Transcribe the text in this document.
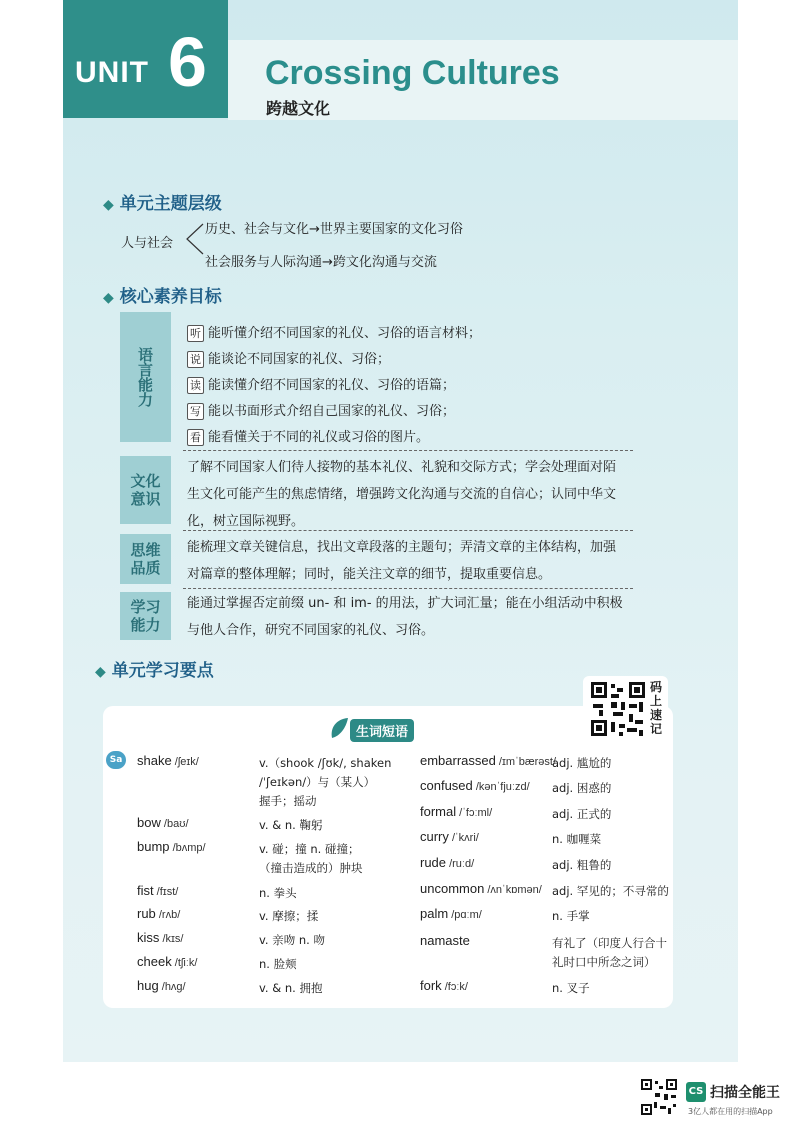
UNIT 6 Crossing Cultures
跨越文化
◆ 单元主题层级
人与社会
历史、社会与文化→世界主要国家的文化习俗
社会服务与人际沟通→跨文化沟通与交流
◆ 核心素养目标
语言能力
听 能听懂介绍不同国家的礼仪、习俗的语言材料；
说 能谈论不同国家的礼仪、习俗；
读 能读懂介绍不同国家的礼仪、习俗的语篇；
写 能以书面形式介绍自己国家的礼仪、习俗；
看 能看懂关于不同的礼仪或习俗的图片。
文化意识
了解不同国家人们待人接物的基本礼仪、礼貌和交际方式；学会处理面对陌
生文化可能产生的焦虑情绪，增强跨文化沟通与交流的自信心；认同中华文
化，树立国际视野。
思维品质
能梳理文章关键信息，找出文章段落的主题句；弄清文章的主体结构，加强
对篇章的整体理解；同时，能关注文章的细节，提取重要信息。
学习能力
能通过掌握否定前缀 un- 和 im- 的用法，扩大词汇量；能在小组活动中积极
与他人合作，研究不同国家的礼仪、习俗。
◆ 单元学习要点
码上速记
生词短语
Sa shake /ʃeɪk/	v.（shook /ʃʊk/, shaken
/ˈʃeɪkən/）与（某人）
握手；摇动
bow /baʊ/	v. & n. 鞠躬
bump /bʌmp/	v. 碰；撞 n. 碰撞；
（撞击造成的）肿块
fist /fɪst/	n. 拳头
rub /rʌb/	v. 摩擦；揉
kiss /kɪs/	v. 亲吻 n. 吻
cheek /tʃiːk/	n. 脸颊
hug /hʌg/	v. & n. 拥抱
embarrassed /ɪmˈbærəst/
adj. 尴尬的
confused /kənˈfjuːzd/ adj. 困惑的
formal /ˈfɔːml/	adj. 正式的
curry /ˈkʌri/	n. 咖喱菜
rude /ruːd/	adj. 粗鲁的
uncommon /ʌnˈkɒmən/ adj. 罕见的；不寻常的
palm /pɑːm/	n. 手掌
namaste	有礼了（印度人行合十
礼时口中所念之词）
fork /fɔːk/	n. 叉子
CS 扫描全能王
3亿人都在用的扫描App
